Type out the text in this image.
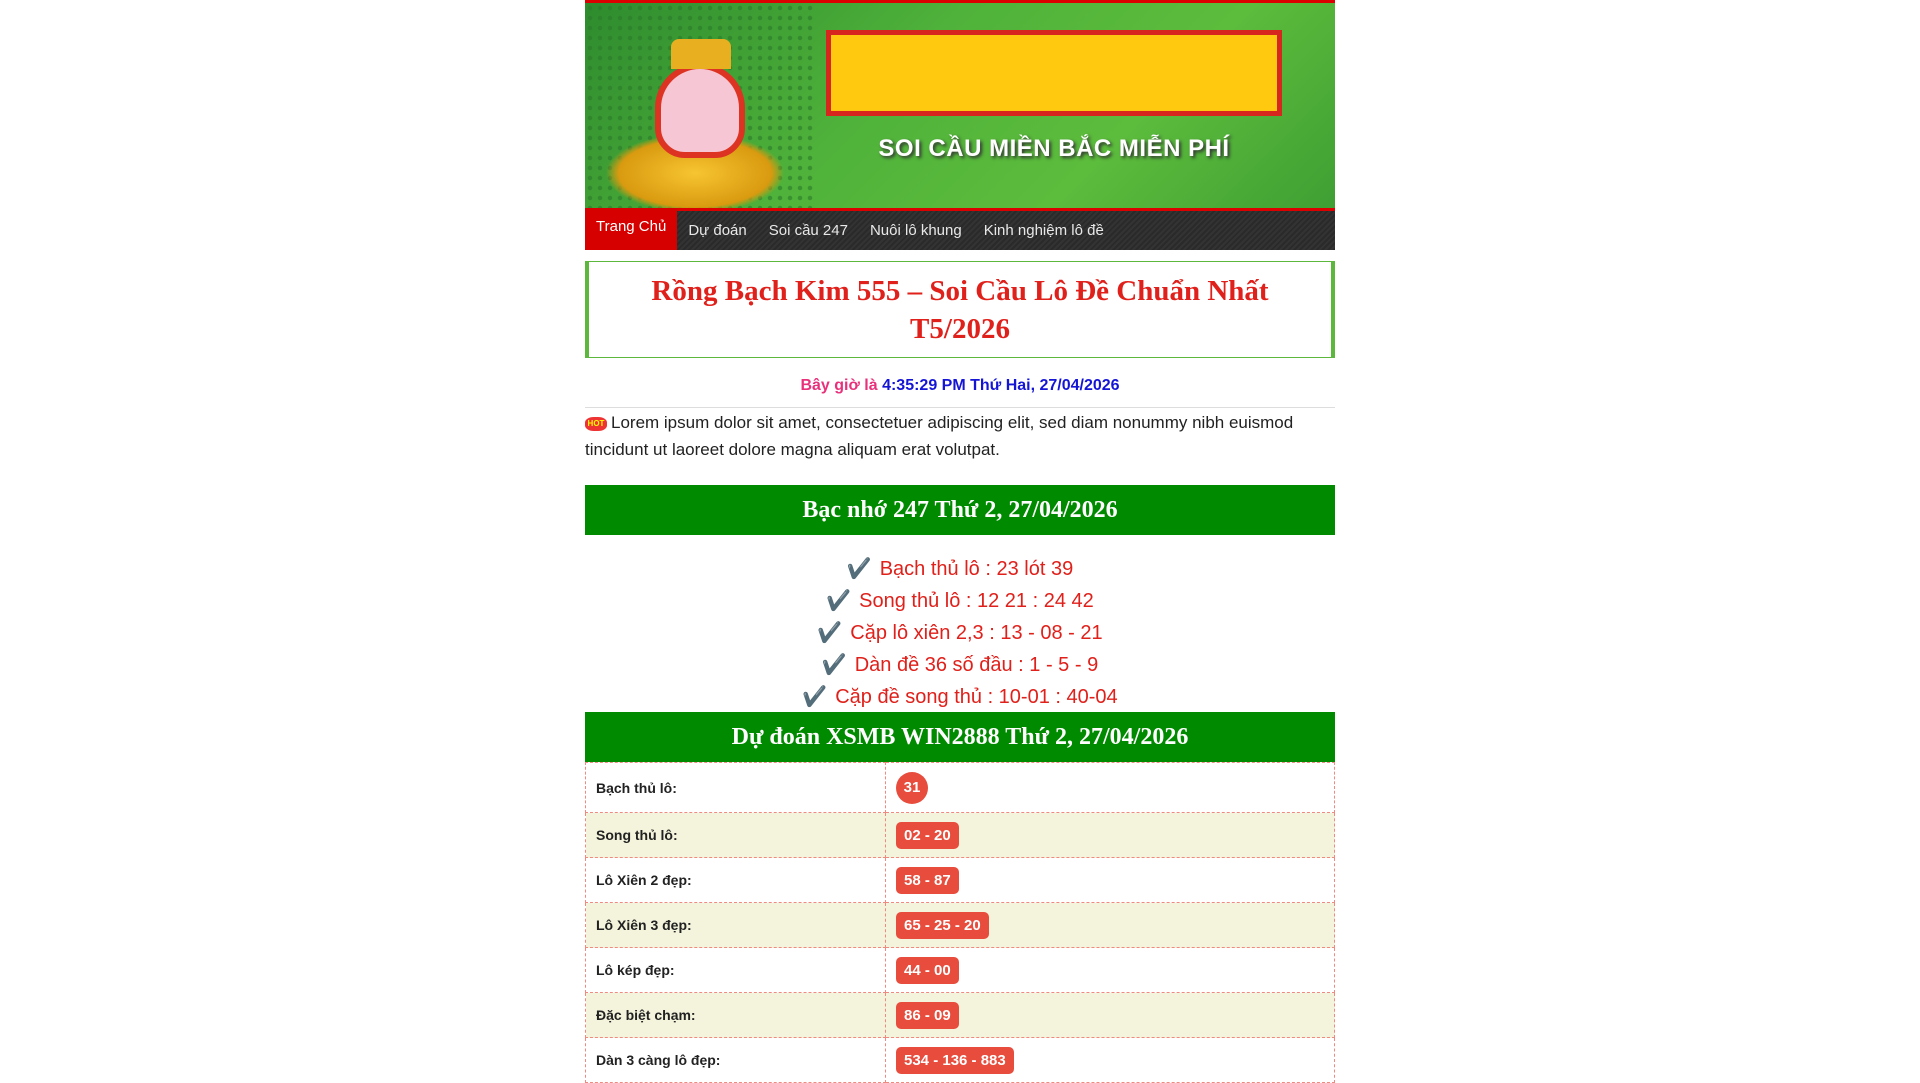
SOI CẦU MIỀN BẮC MIỄN PHÍ
Trang Chủ	Dự đoán	Soi cầu 247	Nuôi lô khung	Kinh nghiệm lô đề
Rồng Bạch Kim 555 – Soi Cầu Lô Đề Chuẩn Nhất T5/2026
Bây giờ là 4:35:29 PM Thứ Hai, 27/04/2026
HOT Lorem ipsum dolor sit amet, consectetuer adipiscing elit, sed diam nonummy nibh euismod tincidunt ut laoreet dolore magna aliquam erat volutpat.
Bạc nhớ 247 Thứ 2, 27/04/2026
✔️ Bạch thủ lô : 23 lót 39
✔️ Song thủ lô : 12 21 : 24 42
✔️ Cặp lô xiên 2,3 : 13 - 08 - 21
✔️ Dàn đề 36 số đầu : 1 - 5 - 9
✔️ Cặp đề song thủ : 10-01 : 40-04
Dự đoán XSMB WIN2888 Thứ 2, 27/04/2026
Bạch thủ lô:	31
Song thủ lô:	02 - 20
Lô Xiên 2 đẹp:	58 - 87
Lô Xiên 3 đẹp:	65 - 25 - 20
Lô kép đẹp:	44 - 00
Đặc biệt chạm:	86 - 09
Dàn 3 càng lô đẹp:	534 - 136 - 883
